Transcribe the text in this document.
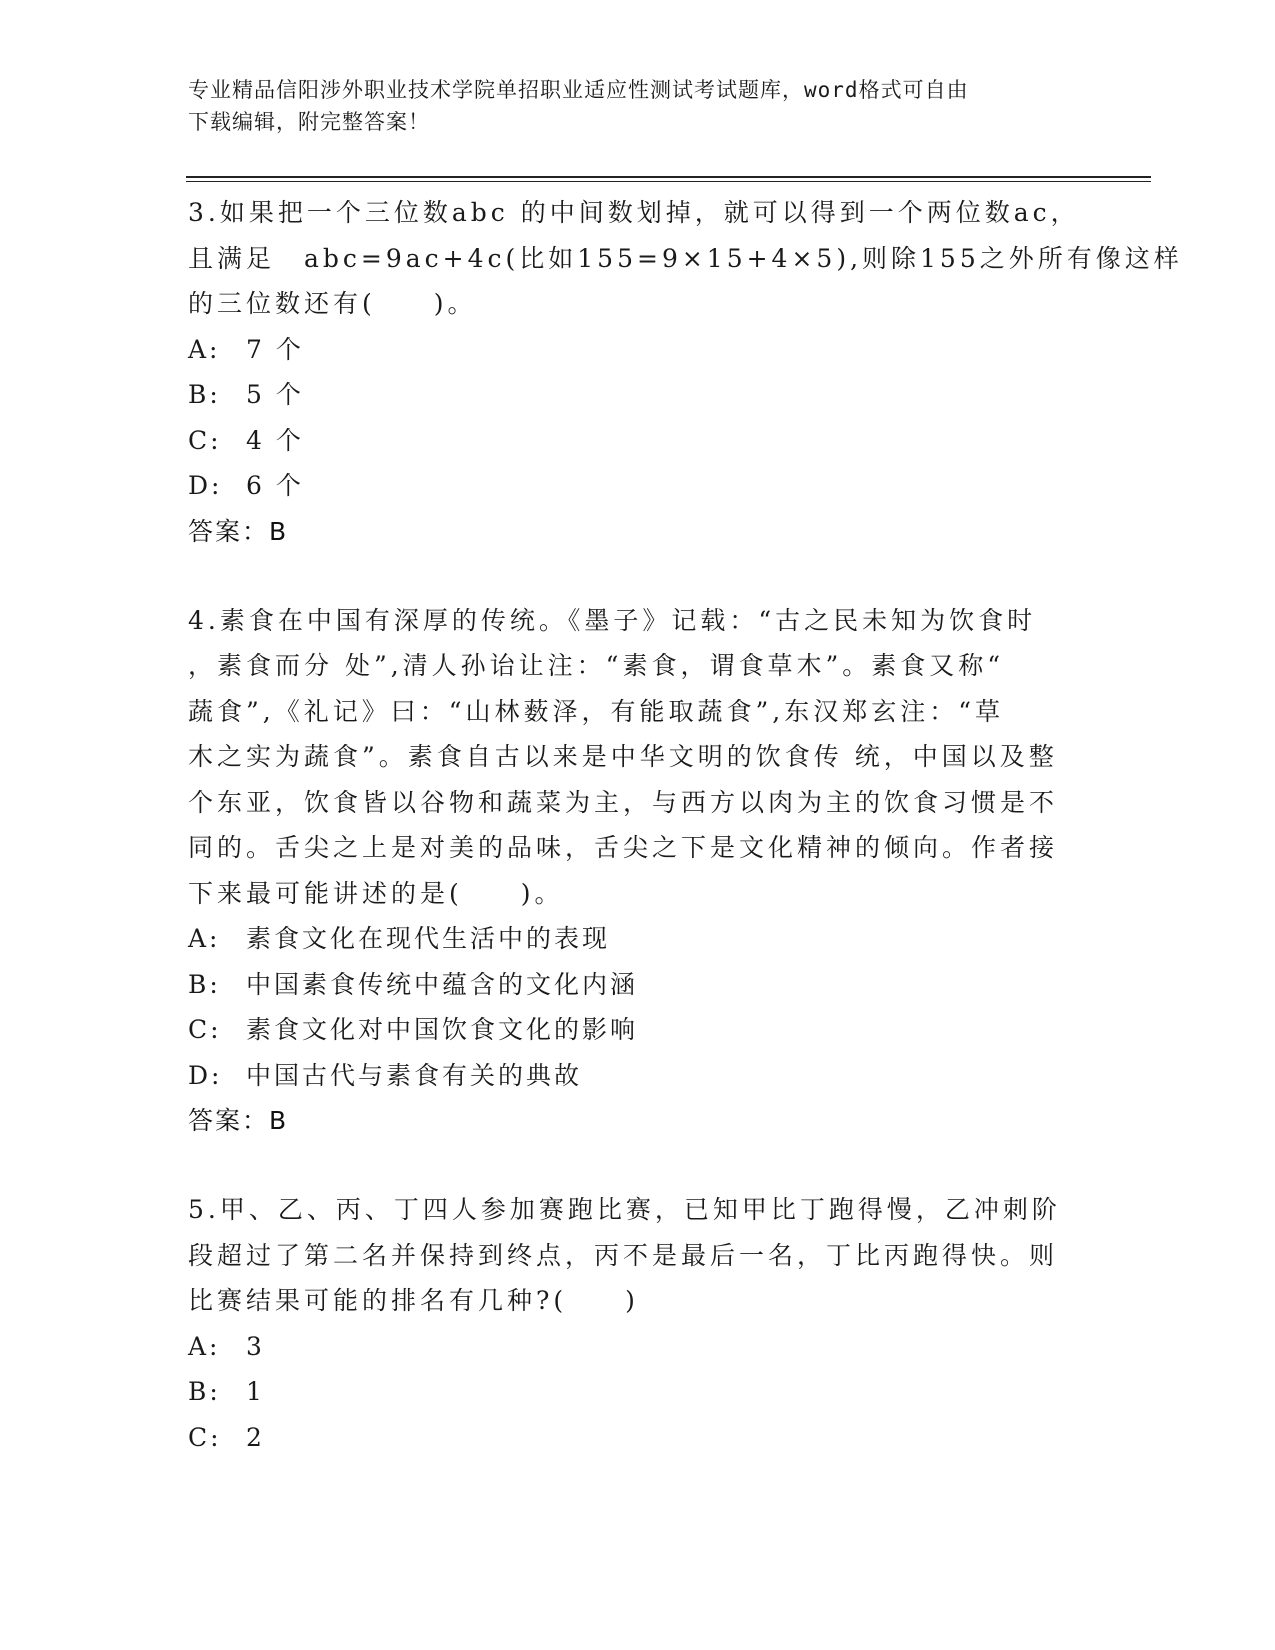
专业精品信阳涉外职业技术学院单招职业适应性测试考试题库，word格式可自由
下载编辑，附完整答案！
3.如果把一个三位数abc 的中间数划掉，就可以得到一个两位数ac，
且满足　abc=9ac+4c(比如155=9×15+4×5),则除155之外所有像这样
的三位数还有(　　)。
A: 7 个
B: 5 个
C: 4 个
D: 6 个
答案：B
4.素食在中国有深厚的传统。《墨子》记载：“古之民未知为饮食时
，素食而分 处”,清人孙诒让注：“素食，谓食草木”。素食又称“
蔬食”,《礼记》曰：“山林薮泽，有能取蔬食”,东汉郑玄注：“草
木之实为蔬食”。素食自古以来是中华文明的饮食传 统，中国以及整
个东亚，饮食皆以谷物和蔬菜为主，与西方以肉为主的饮食习惯是不
同的。舌尖之上是对美的品味，舌尖之下是文化精神的倾向。作者接
下来最可能讲述的是(　　)。
A: 素食文化在现代生活中的表现
B: 中国素食传统中蕴含的文化内涵
C: 素食文化对中国饮食文化的影响
D: 中国古代与素食有关的典故
答案：B
5.甲、乙、丙、丁四人参加赛跑比赛，已知甲比丁跑得慢，乙冲刺阶
段超过了第二名并保持到终点，丙不是最后一名，丁比丙跑得快。则
比赛结果可能的排名有几种?(　　)
A: 3
B: 1
C: 2
